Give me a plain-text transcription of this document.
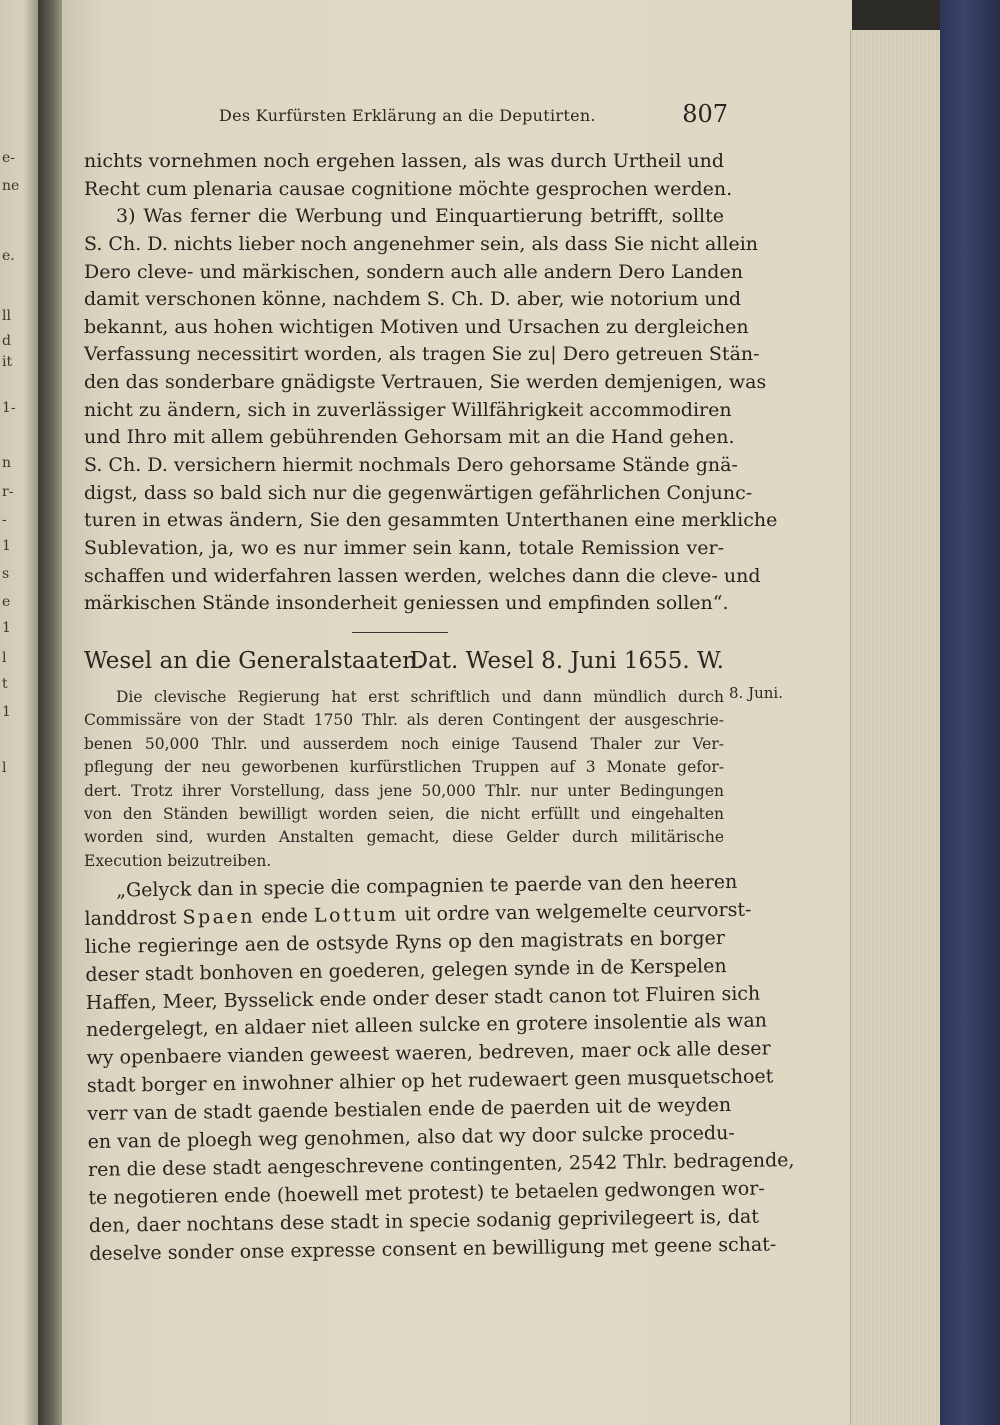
e-
ne
e.
ll
d
it
1-
n
r-
-
1
s
e
1
l
t
1
l
Des Kurfürsten Erklärung an die Deputirten.	807
nichts vornehmen noch ergehen lassen, als was durch Urtheil und
Recht cum plenaria causae cognitione möchte gesprochen werden.
3) Was ferner die Werbung und Einquartierung betrifft, sollte
S. Ch. D. nichts lieber noch angenehmer sein, als dass Sie nicht allein
Dero cleve- und märkischen, sondern auch alle andern Dero Landen
damit verschonen könne, nachdem S. Ch. D. aber, wie notorium und
bekannt, aus hohen wichtigen Motiven und Ursachen zu dergleichen
Verfassung necessitirt worden, als tragen Sie zu| Dero getreuen Stän-
den das sonderbare gnädigste Vertrauen, Sie werden demjenigen, was
nicht zu ändern, sich in zuverlässiger Willfährigkeit accommodiren
und Ihro mit allem gebührenden Gehorsam mit an die Hand gehen.
S. Ch. D. versichern hiermit nochmals Dero gehorsame Stände gnä-
digst, dass so bald sich nur die gegenwärtigen gefährlichen Conjunc-
turen in etwas ändern, Sie den gesammten Unterthanen eine merkliche
Sublevation, ja, wo es nur immer sein kann, totale Remission ver-
schaffen und widerfahren lassen werden, welches dann die cleve- und
märkischen Stände insonderheit geniessen und empfinden sollen“.
Wesel an die Generalstaaten.
Dat. Wesel 8. Juni 1655. W.
8. Juni.
Die clevische Regierung hat erst schriftlich und dann mündlich durch
Commissäre von der Stadt 1750 Thlr. als deren Contingent der ausgeschrie-
benen 50,000 Thlr. und ausserdem noch einige Tausend Thaler zur Ver-
pflegung der neu geworbenen kurfürstlichen Truppen auf 3 Monate gefor-
dert. Trotz ihrer Vorstellung, dass jene 50,000 Thlr. nur unter Bedingungen
von den Ständen bewilligt worden seien, die nicht erfüllt und eingehalten
worden sind, wurden Anstalten gemacht, diese Gelder durch militärische
Execution beizutreiben.
„Gelyck dan in specie die compagnien te paerde van den heeren
landdrost Spaen ende Lottum uit ordre van welgemelte ceurvorst-
liche regieringe aen de ostsyde Ryns op den magistrats en borger
deser stadt bonhoven en goederen, gelegen synde in de Kerspelen
Haffen, Meer, Bysselick ende onder deser stadt canon tot Fluiren sich
nedergelegt, en aldaer niet alleen sulcke en grotere insolentie als wan
wy openbaere vianden geweest waeren, bedreven, maer ock alle deser
stadt borger en inwohner alhier op het rudewaert geen musquetschoet
verr van de stadt gaende bestialen ende de paerden uit de weyden
en van de ploegh weg genohmen, also dat wy door sulcke procedu-
ren die dese stadt aengeschrevene contingenten, 2542 Thlr. bedragende,
te negotieren ende (hoewell met protest) te betaelen gedwongen wor-
den, daer nochtans dese stadt in specie sodanig geprivilegeert is, dat
deselve sonder onse expresse consent en bewilligung met geene schat-
